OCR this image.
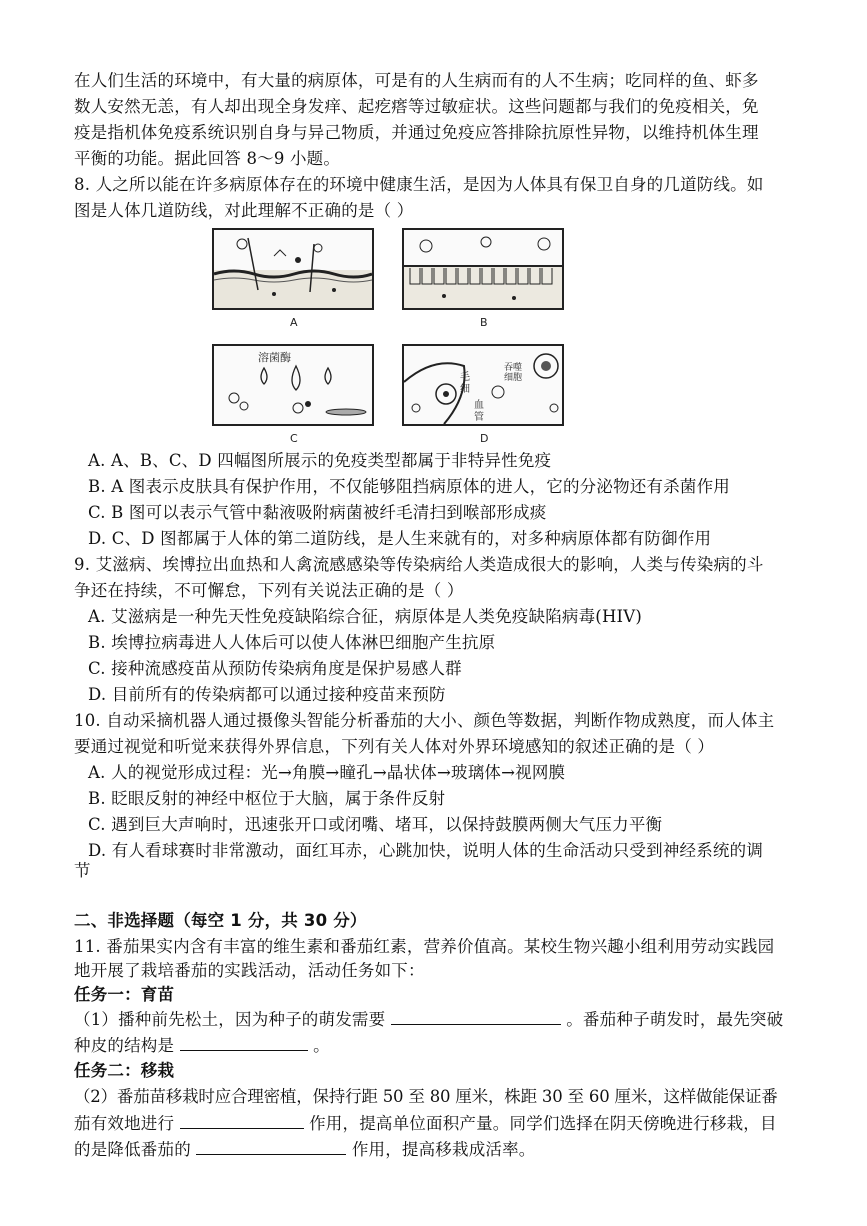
在人们生活的环境中，有大量的病原体，可是有的人生病而有的人不生病；吃同样的鱼、虾多
数人安然无恙，有人却出现全身发痒、起疙瘩等过敏症状。这些问题都与我们的免疫相关，免
疫是指机体免疫系统识别自身与异己物质，并通过免疫应答排除抗原性异物，以维持机体生理
平衡的功能。据此回答 8～9 小题。
8. 人之所以能在许多病原体存在的环境中健康生活，是因为人体具有保卫自身的几道防线。如
图是人体几道防线，对此理解不正确的是（ ）
A	B
溶菌酶
C
毛
细
血
管
吞噬
细胞
D
A. A、B、C、D 四幅图所展示的免疫类型都属于非特异性免疫
B. A 图表示皮肤具有保护作用，不仅能够阻挡病原体的进人，它的分泌物还有杀菌作用
C. B 图可以表示气管中黏液吸附病菌被纤毛清扫到喉部形成痰
D. C、D 图都属于人体的第二道防线，是人生来就有的，对多种病原体都有防御作用
9. 艾滋病、埃博拉出血热和人禽流感感染等传染病给人类造成很大的影响，人类与传染病的斗
争还在持续，不可懈怠，下列有关说法正确的是（ ）
A. 艾滋病是一种先天性免疫缺陷综合征，病原体是人类免疫缺陷病毒(HIV)
B. 埃博拉病毒进人人体后可以使人体淋巴细胞产生抗原
C. 接种流感疫苗从预防传染病角度是保护易感人群
D. 目前所有的传染病都可以通过接种疫苗来预防
10. 自动采摘机器人通过摄像头智能分析番茄的大小、颜色等数据，判断作物成熟度，而人体主
要通过视觉和听觉来获得外界信息，下列有关人体对外界环境感知的叙述正确的是（ ）
A. 人的视觉形成过程：光→角膜→瞳孔→晶状体→玻璃体→视网膜
B. 眨眼反射的神经中枢位于大脑，属于条件反射
C. 遇到巨大声响时，迅速张开口或闭嘴、堵耳，以保持鼓膜两侧大气压力平衡
D. 有人看球赛时非常激动，面红耳赤，心跳加快，说明人体的生命活动只受到神经系统的调
节
二、非选择题（每空 1 分，共 30 分）
11. 番茄果实内含有丰富的维生素和番茄红素，营养价值高。某校生物兴趣小组利用劳动实践园
地开展了栽培番茄的实践活动，活动任务如下：
任务一：育苗
（1）播种前先松土，因为种子的萌发需要	。番茄种子萌发时，最先突破
种皮的结构是	。
任务二：移栽
（2）番茄苗移栽时应合理密植，保持行距 50 至 80 厘米，株距 30 至 60 厘米，这样做能保证番
茄有效地进行	作用，提高单位面积产量。同学们选择在阴天傍晚进行移栽，目
的是降低番茄的	作用，提高移栽成活率。
